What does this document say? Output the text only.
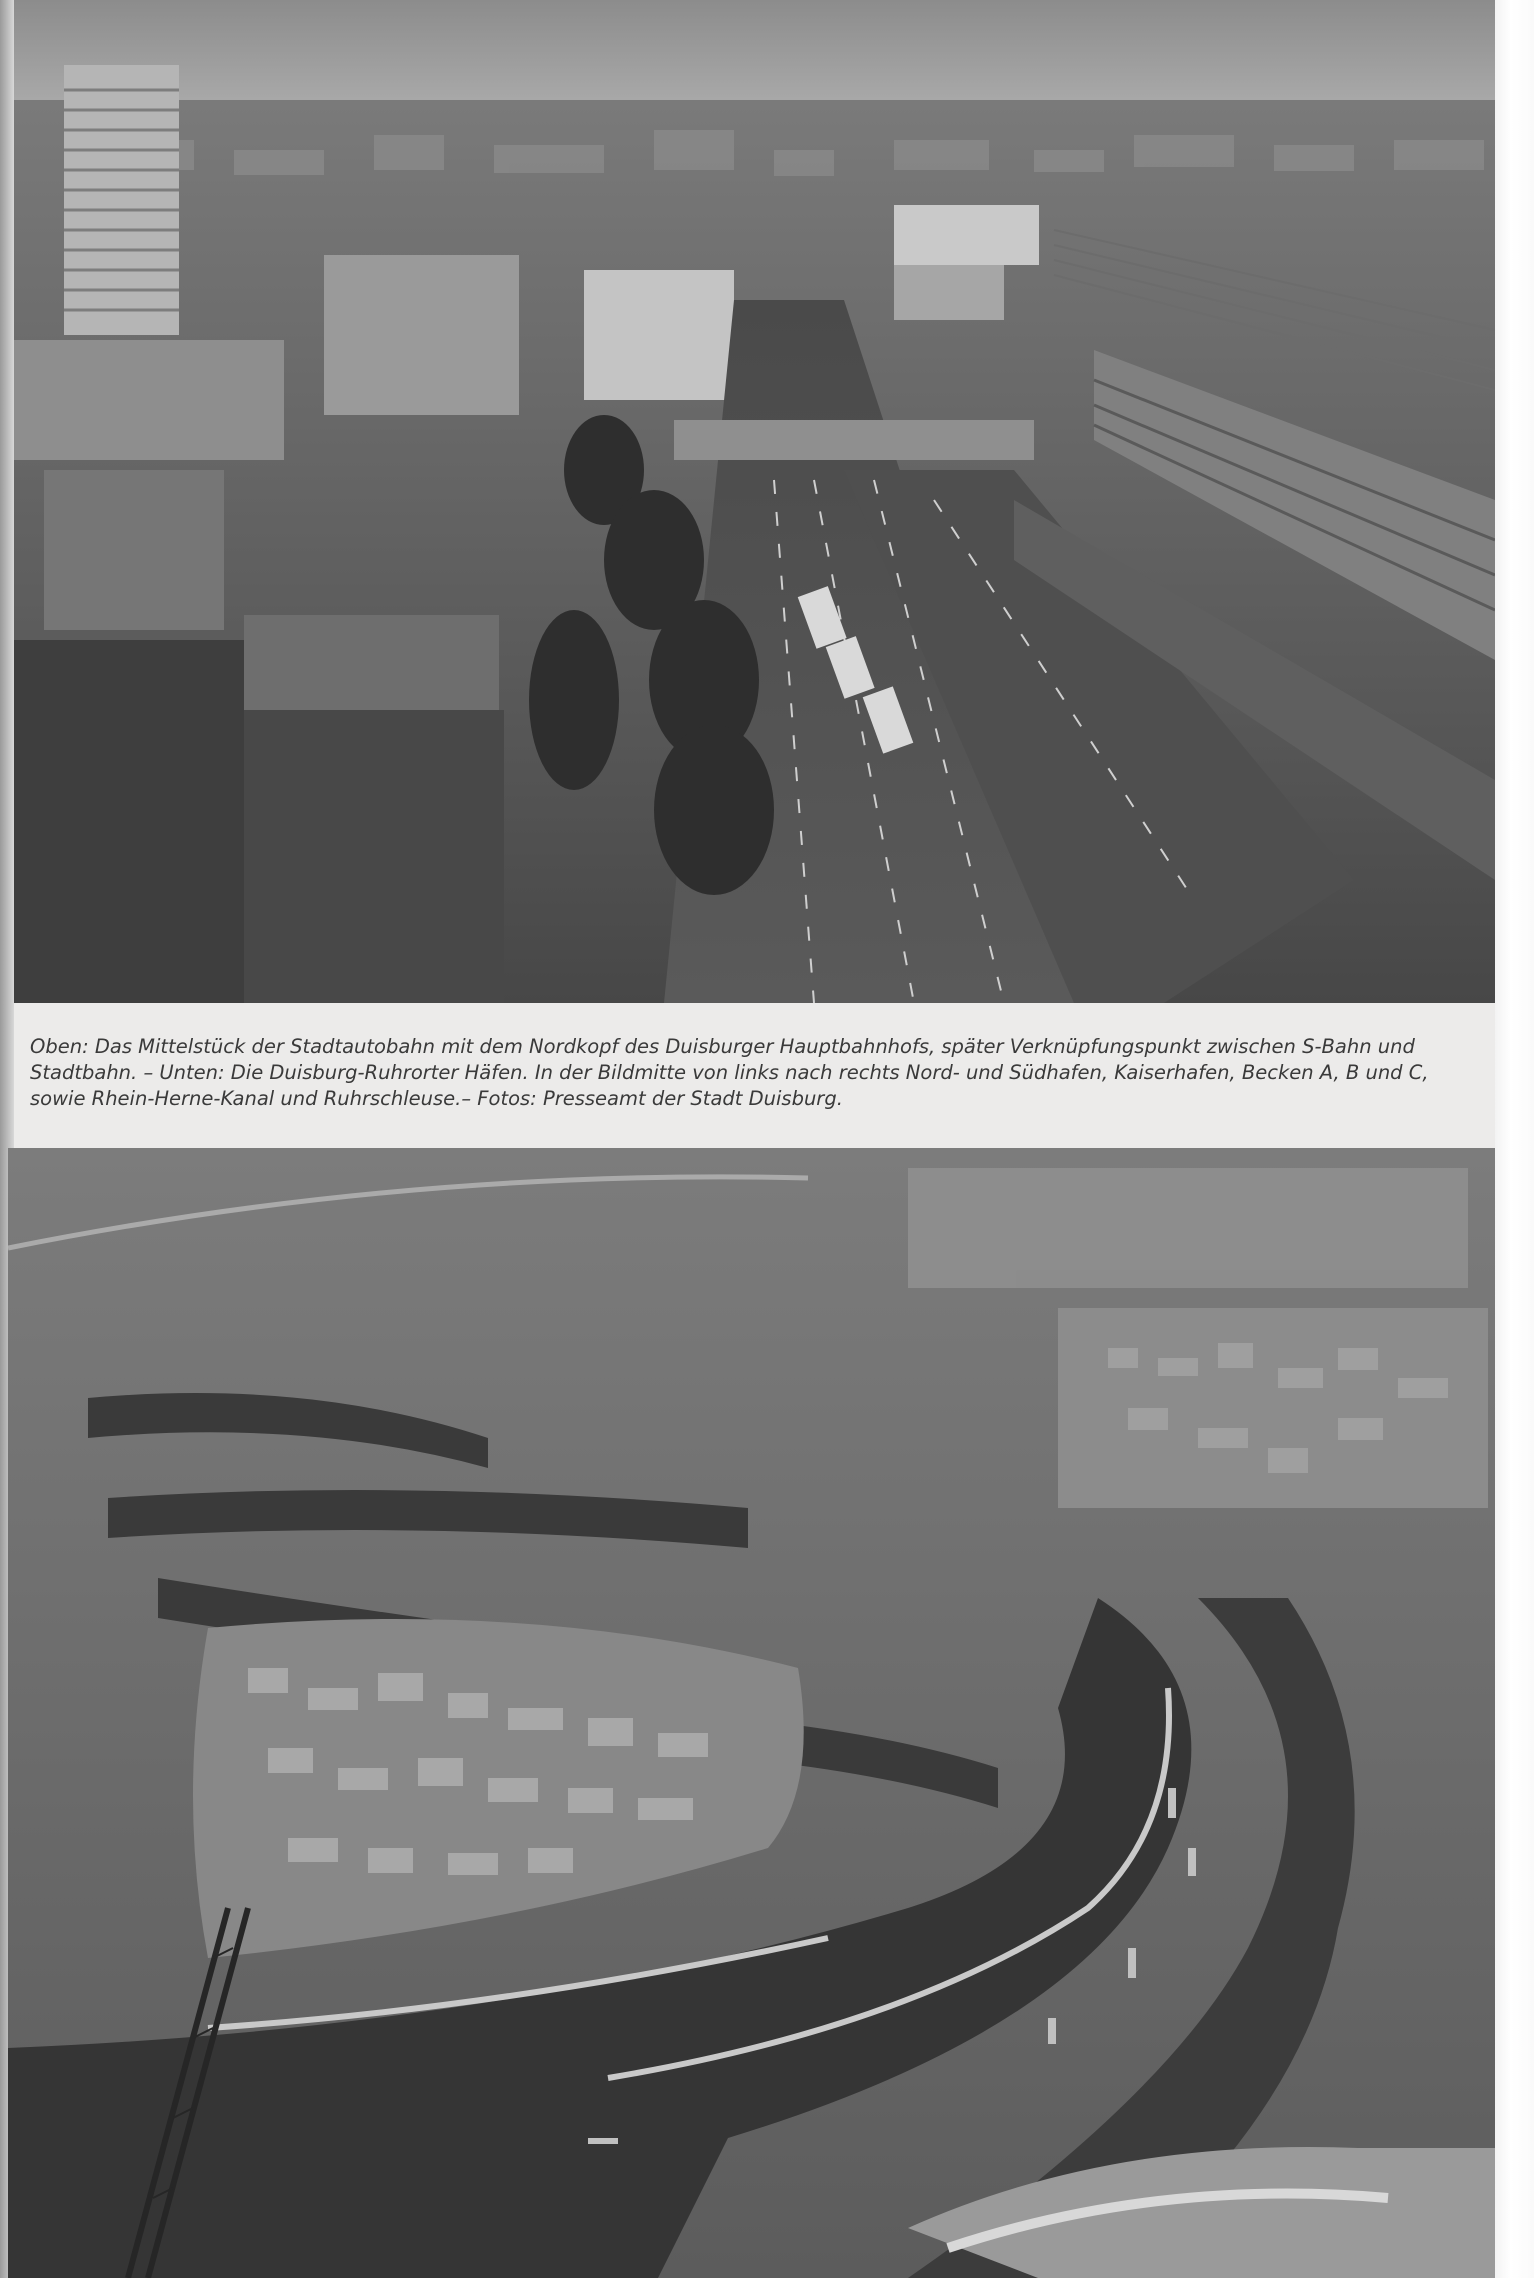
Oben: Das Mittelstück der Stadtautobahn mit dem Nordkopf des Duisburger Hauptbahnhofs, später Verknüpfungspunkt zwischen S-Bahn und Stadtbahn. – Unten: Die Duisburg-Ruhrorter Häfen. In der Bildmitte von links nach rechts Nord- und Südhafen, Kaiserhafen, Becken A, B und C, sowie Rhein-Herne-Kanal und Ruhrschleuse.– Fotos: Presseamt der Stadt Duisburg.
